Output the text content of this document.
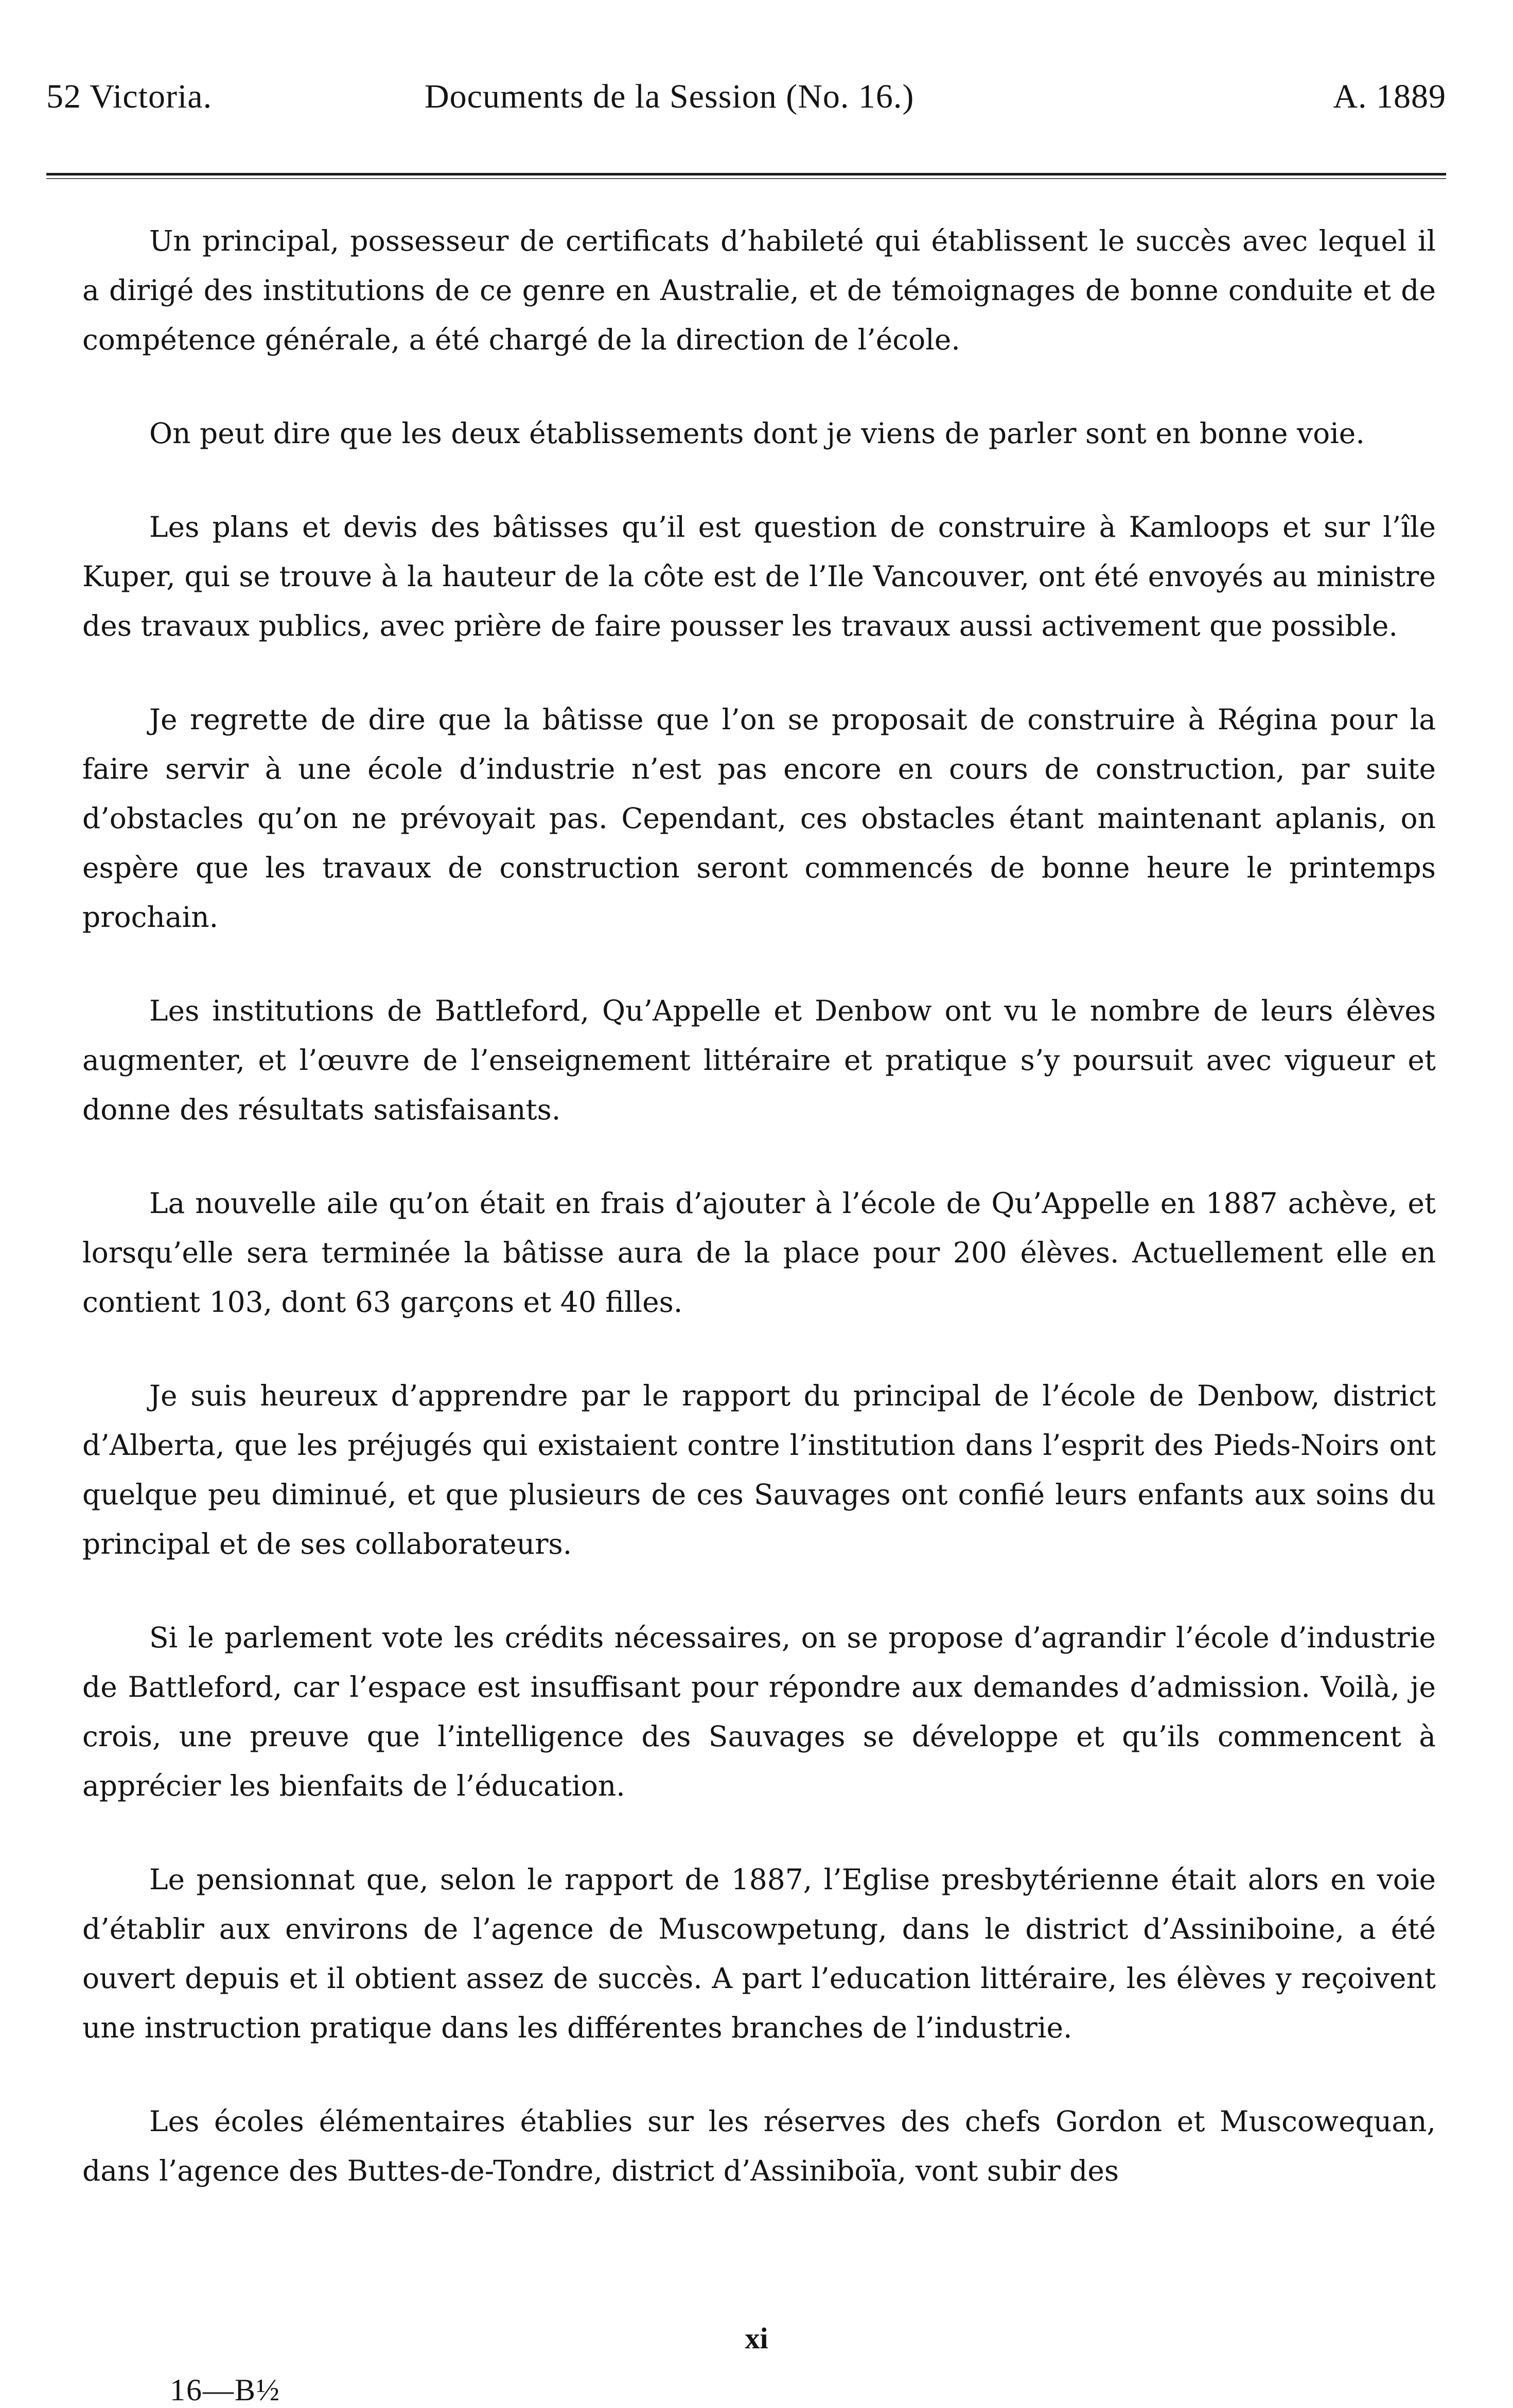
52 Victoria.	Documents de la Session (No. 16.)	A. 1889

Un principal, possesseur de certificats d’habileté qui établissent le succès avec lequel il a dirigé des institutions de ce genre en Australie, et de témoignages de bonne conduite et de compétence générale, a été chargé de la direction de l’école.

On peut dire que les deux établissements dont je viens de parler sont en bonne voie.

Les plans et devis des bâtisses qu’il est question de construire à Kamloops et sur l’île Kuper, qui se trouve à la hauteur de la côte est de l’Ile Vancouver, ont été envoyés au ministre des travaux publics, avec prière de faire pousser les travaux aussi activement que possible.

Je regrette de dire que la bâtisse que l’on se proposait de construire à Régina pour la faire servir à une école d’industrie n’est pas encore en cours de construction, par suite d’obstacles qu’on ne prévoyait pas. Cependant, ces obstacles étant maintenant aplanis, on espère que les travaux de construction seront commencés de bonne heure le printemps prochain.

Les institutions de Battleford, Qu’Appelle et Denbow ont vu le nombre de leurs élèves augmenter, et l’œuvre de l’enseignement littéraire et pratique s’y poursuit avec vigueur et donne des résultats satisfaisants.

La nouvelle aile qu’on était en frais d’ajouter à l’école de Qu’Appelle en 1887 achève, et lorsqu’elle sera terminée la bâtisse aura de la place pour 200 élèves. Actuellement elle en contient 103, dont 63 garçons et 40 filles.

Je suis heureux d’apprendre par le rapport du principal de l’école de Denbow, district d’Alberta, que les préjugés qui existaient contre l’institution dans l’esprit des Pieds-Noirs ont quelque peu diminué, et que plusieurs de ces Sauvages ont confié leurs enfants aux soins du principal et de ses collaborateurs.

Si le parlement vote les crédits nécessaires, on se propose d’agrandir l’école d’industrie de Battleford, car l’espace est insuffisant pour répondre aux demandes d’admission. Voilà, je crois, une preuve que l’intelligence des Sauvages se développe et qu’ils commencent à apprécier les bienfaits de l’éducation.

Le pensionnat que, selon le rapport de 1887, l’Eglise presbytérienne était alors en voie d’établir aux environs de l’agence de Muscowpetung, dans le district d’Assiniboine, a été ouvert depuis et il obtient assez de succès. A part l’education littéraire, les élèves y reçoivent une instruction pratique dans les différentes branches de l’industrie.

Les écoles élémentaires établies sur les réserves des chefs Gordon et Muscowequan, dans l’agence des Buttes-de-Tondre, district d’Assiniboïa, vont subir des

xi
16—B½
